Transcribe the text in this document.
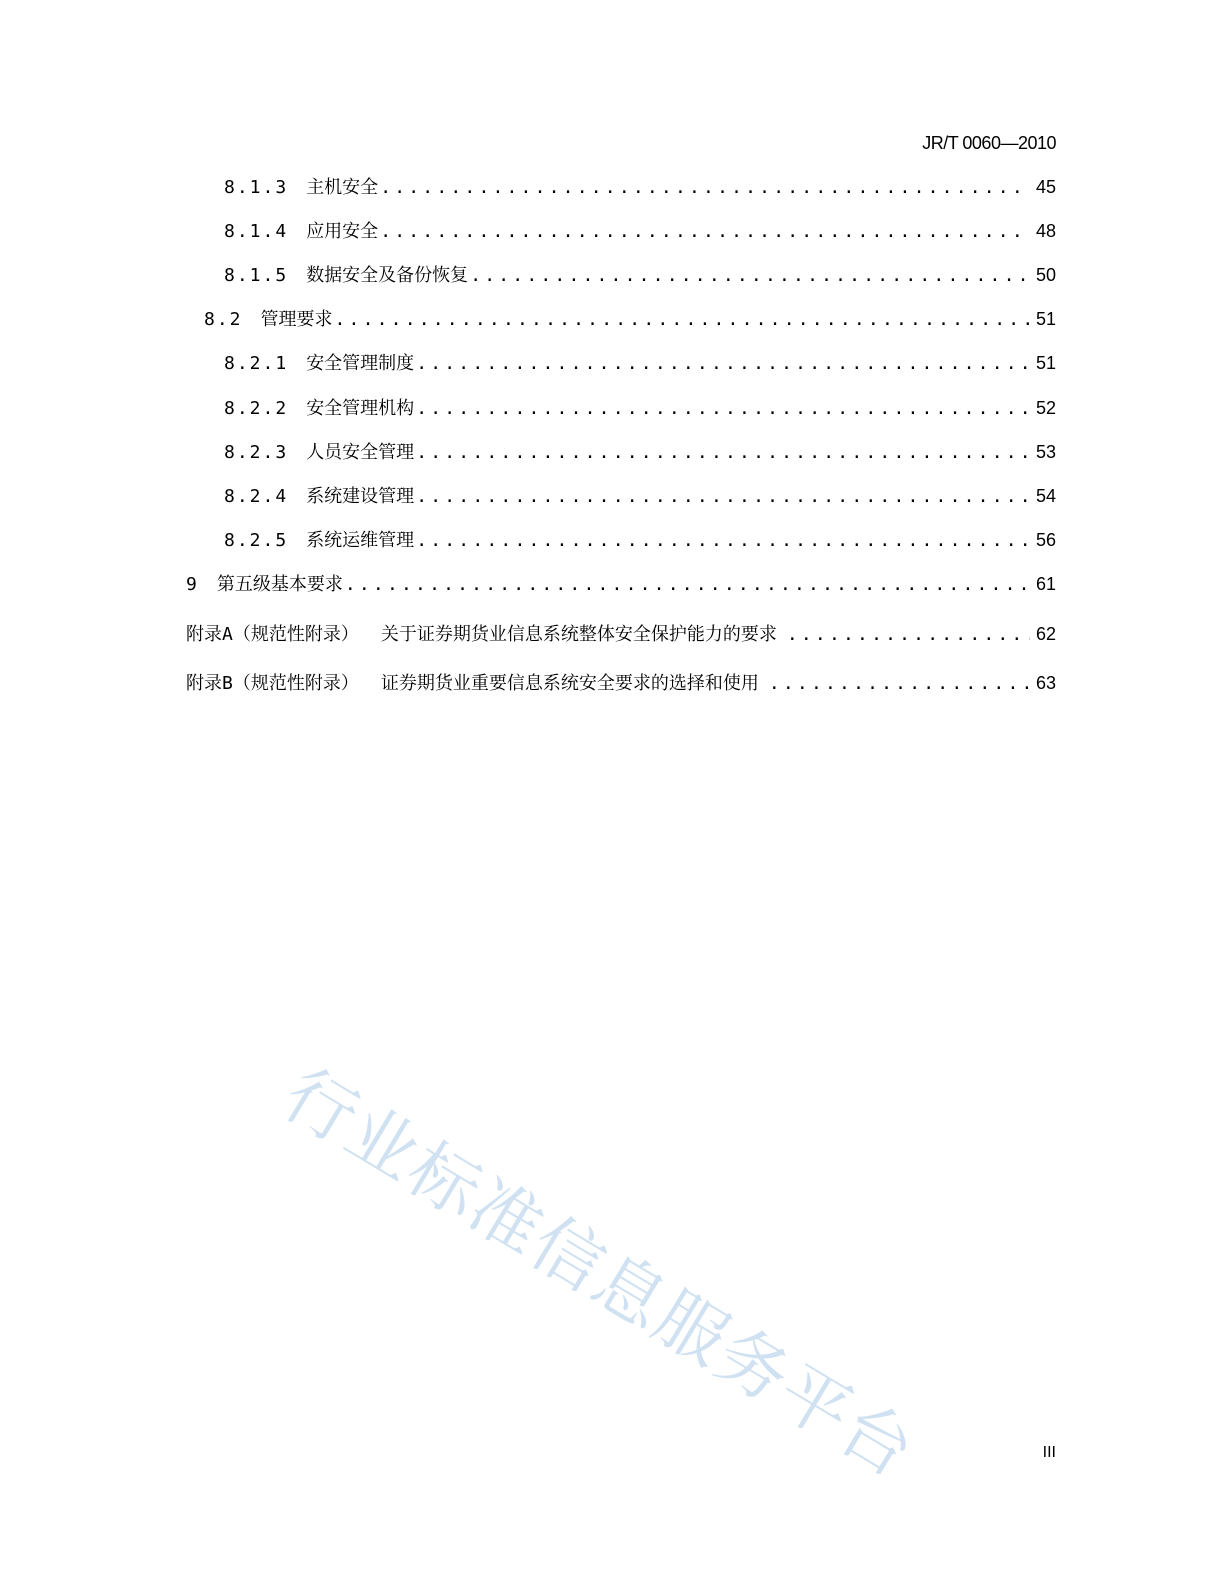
JR/T 0060—2010
8.1.3 主机安全 .....	45
8.1.4 应用安全 .....	48
8.1.5 数据安全及备份恢复 .....	50
8.2 管理要求 .....	51
8.2.1 安全管理制度 .....	51
8.2.2 安全管理机构 .....	52
8.2.3 人员安全管理 .....	53
8.2.4 系统建设管理 .....	54
8.2.5 系统运维管理 .....	56
9 第五级基本要求 .....	61
附录A（规范性附录） 关于证券期货业信息系统整体安全保护能力的要求 .....	62
附录B（规范性附录） 证券期货业重要信息系统安全要求的选择和使用 .....	63
行业标准信息服务平台	III
